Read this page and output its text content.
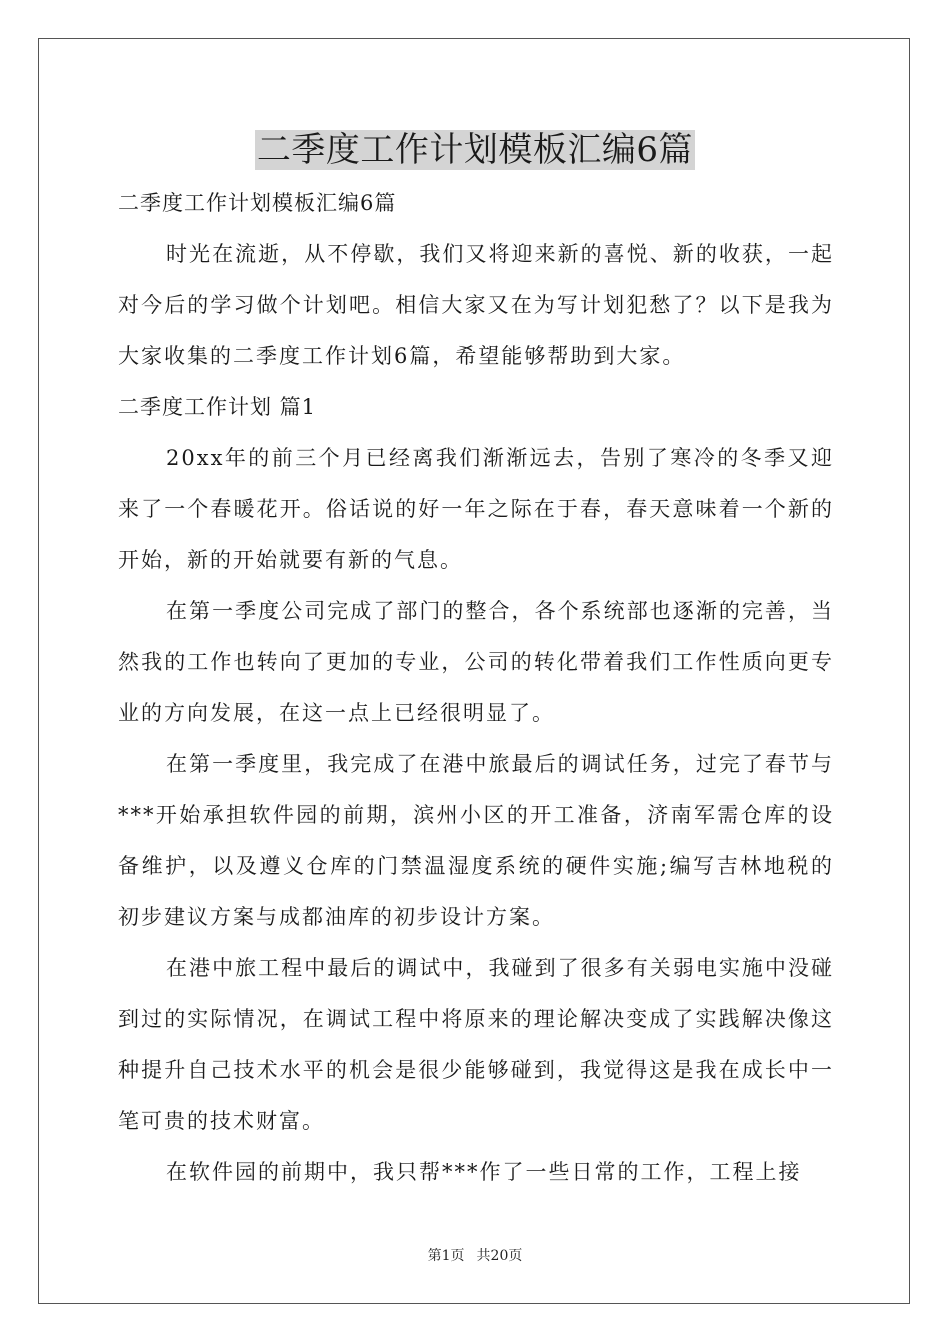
二季度工作计划模板汇编6篇

二季度工作计划模板汇编6篇

时光在流逝，从不停歇，我们又将迎来新的喜悦、新的收获，一起对今后的学习做个计划吧。相信大家又在为写计划犯愁了？以下是我为大家收集的二季度工作计划6篇，希望能够帮助到大家。

二季度工作计划 篇1

20xx年的前三个月已经离我们渐渐远去，告别了寒冷的冬季又迎来了一个春暖花开。俗话说的好一年之际在于春，春天意味着一个新的开始，新的开始就要有新的气息。

在第一季度公司完成了部门的整合，各个系统部也逐渐的完善，当然我的工作也转向了更加的专业，公司的转化带着我们工作性质向更专业的方向发展，在这一点上已经很明显了。

在第一季度里，我完成了在港中旅最后的调试任务，过完了春节与***开始承担软件园的前期，滨州小区的开工准备，济南军需仓库的设备维护，以及遵义仓库的门禁温湿度系统的硬件实施;编写吉林地税的初步建议方案与成都油库的初步设计方案。

在港中旅工程中最后的调试中，我碰到了很多有关弱电实施中没碰到过的实际情况，在调试工程中将原来的理论解决变成了实践解决像这种提升自己技术水平的机会是很少能够碰到，我觉得这是我在成长中一笔可贵的技术财富。

在软件园的前期中，我只帮***作了一些日常的工作，工程上接

第1页 共20页
